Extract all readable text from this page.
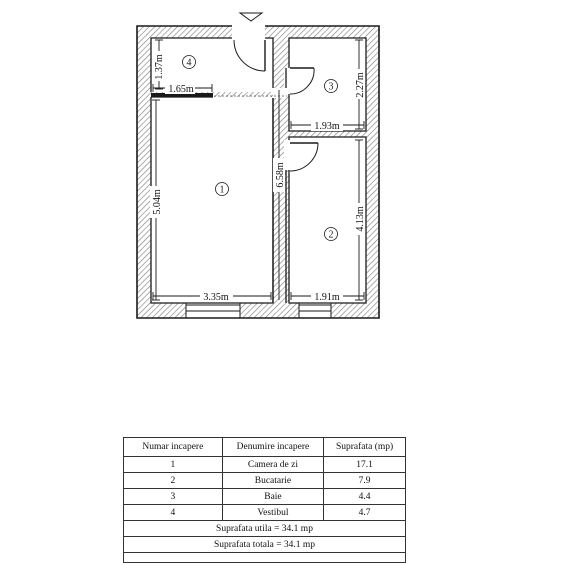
1.37m
1.65m	2.27m
1.93m
5.04m
6.58m
4.13m
3.35m	1.91m
4
3
1
2
Numar incapere	Denumire incapere	Suprafata (mp)
1	Camera de zi	17.1
2	Bucatarie	7.9
3	Baie	4.4
4	Vestibul	4.7
Suprafata utila = 34.1 mp		
Suprafata totala = 34.1 mp		
